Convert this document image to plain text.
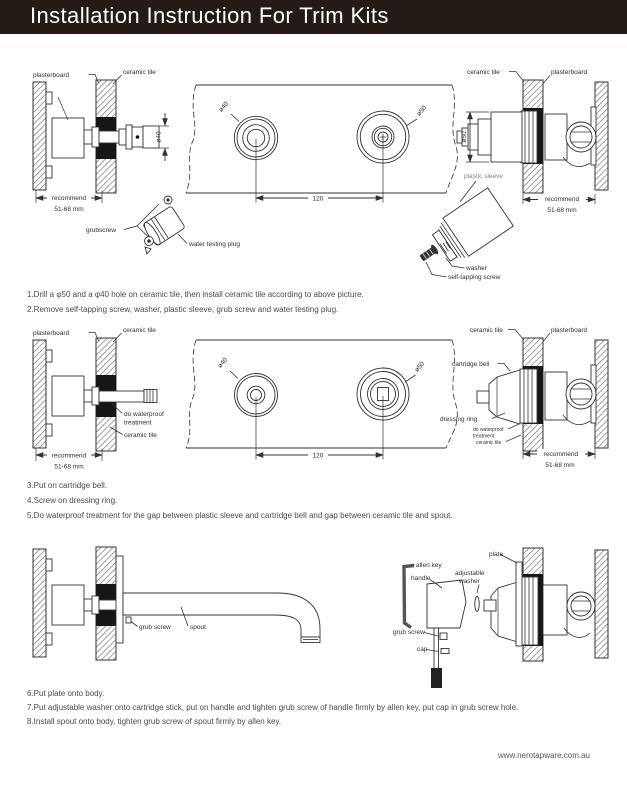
Installation Instruction For Trim Kits
ø40
plasterboard	ceramic tile
recommend
51-68 mm
120
ø40	ø50
ø50
ceramic tile	plasterboard
recommend
51-68 mm
grubscrew
water testing plug
plastic sleeve
washer
self-tapping screw
plasterboard	ceramic tile
do waterproof
treatment
ceramic tile
recommend
51-68 mm
120
ø40	ø50
ceramic tile	plasterboard
cartridge bell
dressing ring
do waterproof
treatment
ceramic tile
recommend
51-68 mm
grub screw	spout
allen key
handle
adjustable
washer
plate
grub screw
cap

1.Drill a φ50 and a φ40 hole on ceramic tile, then install ceramic tile according to above picture.

2.Remove self-tapping screw, washer, plastic sleeve, grub screw and water testing plug.

3.Put on cartridge bell.

4.Screw on dressing ring.

5.Do waterproof treatment for the gap between plastic sleeve and cartridge bell and gap between ceramic tile and spout.

6.Put plate onto body.

7.Put adjustable washer onto cartridge stick, put on handle and tighten grub screw of handle firmly by allen key, put cap in grub screw hole.

8.Install spout onto body, tighten grub screw of spout firmly by allen key.

www.nerotapware.com.au
